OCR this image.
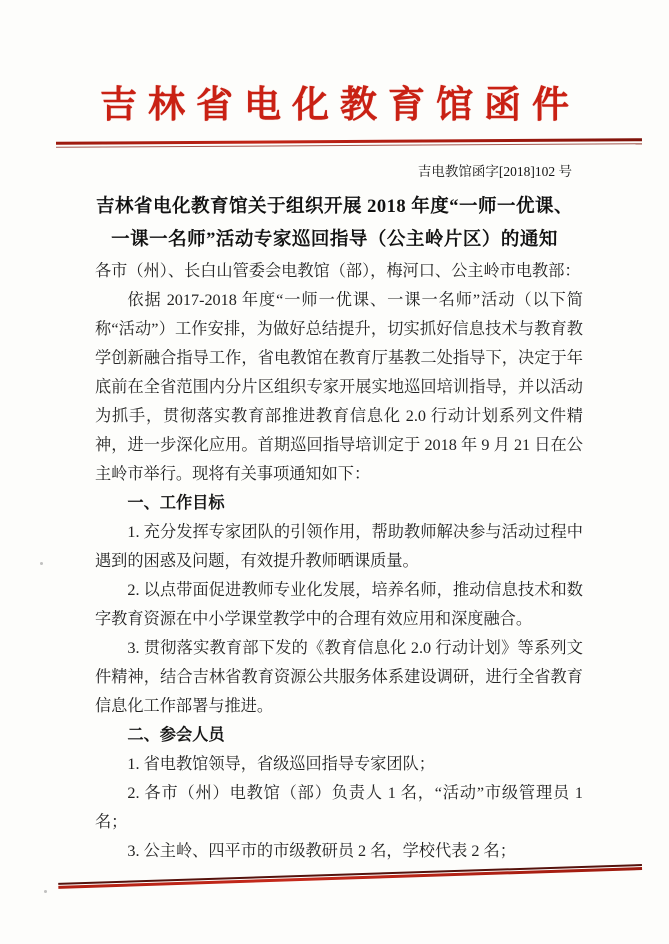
吉林省电化教育馆函件
吉电教馆函字[2018]102 号
吉林省电化教育馆关于组织开展 2018 年度“一师一优课、
一课一名师”活动专家巡回指导（公主岭片区）的通知

各市（州）、长白山管委会电教馆（部），梅河口、公主岭市电教部：

依据 2017-2018 年度“一师一优课、一课一名师”活动（以下简称“活动”）工作安排，为做好总结提升，切实抓好信息技术与教育教学创新融合指导工作，省电教馆在教育厅基教二处指导下，决定于年底前在全省范围内分片区组织专家开展实地巡回培训指导，并以活动为抓手，贯彻落实教育部推进教育信息化 2.0 行动计划系列文件精神，进一步深化应用。首期巡回指导培训定于 2018 年 9 月 21 日在公主岭市举行。现将有关事项通知如下：

一、工作目标

1. 充分发挥专家团队的引领作用，帮助教师解决参与活动过程中遇到的困惑及问题，有效提升教师晒课质量。

2. 以点带面促进教师专业化发展，培养名师，推动信息技术和数字教育资源在中小学课堂教学中的合理有效应用和深度融合。

3. 贯彻落实教育部下发的《教育信息化 2.0 行动计划》等系列文件精神，结合吉林省教育资源公共服务体系建设调研，进行全省教育信息化工作部署与推进。

二、参会人员

1. 省电教馆领导，省级巡回指导专家团队；

2. 各市（州）电教馆（部）负责人 1 名，“活动”市级管理员 1 名；

3. 公主岭、四平市的市级教研员 2 名，学校代表 2 名；
